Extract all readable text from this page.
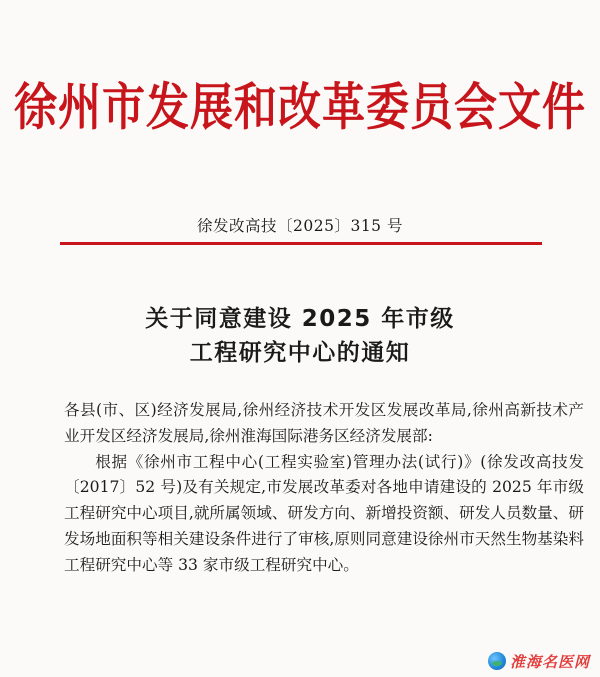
徐州市发展和改革委员会文件
徐发改高技〔2025〕315 号
关于同意建设 2025 年市级
工程研究中心的通知

各县(市、区)经济发展局,徐州经济技术开发区发展改革局,徐州高新技术产业开发区经济发展局,徐州淮海国际港务区经济发展部:

根据《徐州市工程中心(工程实验室)管理办法(试行)》(徐发改高技发〔2017〕52 号)及有关规定,市发展改革委对各地申请建设的 2025 年市级工程研究中心项目,就所属领域、研发方向、新增投资额、研发人员数量、研发场地面积等相关建设条件进行了审核,原则同意建设徐州市天然生物基染料工程研究中心等 33 家市级工程研究中心。

淮海名医网
